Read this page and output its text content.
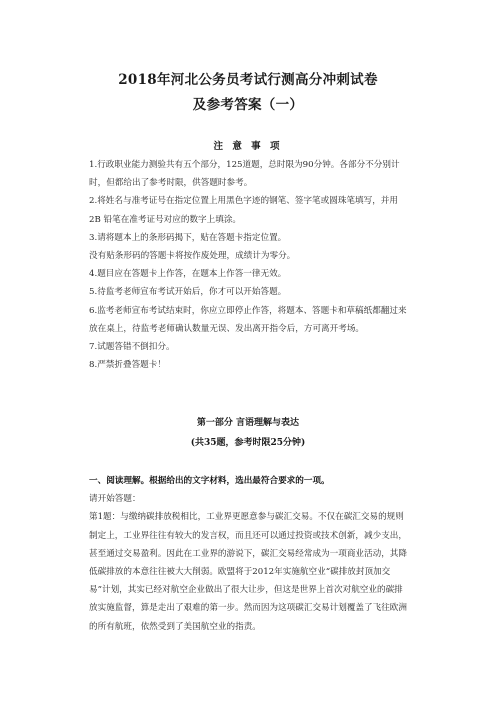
2018年河北公务员考试行测高分冲刺试卷
及参考答案（一）
注 意 事 项

1.行政职业能力测验共有五个部分，125道题，总时限为90分钟。各部分不分别计时，但都给出了参考时限，供答题时参考。

2.将姓名与准考证号在指定位置上用黑色字迹的钢笔、签字笔或圆珠笔填写，并用 2B 铅笔在准考证号对应的数字上填涂。

3.请将题本上的条形码揭下，贴在答题卡指定位置。

没有贴条形码的答题卡将按作废处理，成绩计为零分。

4.题目应在答题卡上作答，在题本上作答一律无效。

5.待监考老师宣布考试开始后，你才可以开始答题。

6.监考老师宣布考试结束时，你应立即停止作答，将题本、答题卡和草稿纸都翻过来放在桌上，待监考老师确认数量无误、发出离开指令后，方可离开考场。

7.试题答错不倒扣分。

8.严禁折叠答题卡！

第一部分 言语理解与表达
(共35题，参考时限25分钟)

一、阅读理解。根据给出的文字材料，选出最符合要求的一项。

请开始答题：

第1题：与缴纳碳排放税相比，工业界更愿意参与碳汇交易。不仅在碳汇交易的规则制定上，工业界往往有较大的发言权，而且还可以通过投资或技术创新，减少支出，甚至通过交易盈利。因此在工业界的游说下，碳汇交易经常成为一项商业活动，其降低碳排放的本意往往被大大削弱。欧盟将于2012年实施航空业“碳排放封顶加交易”计划，其实已经对航空企业做出了很大让步，但这是世界上首次对航空业的碳排放实施监督，算是走出了艰难的第一步。然而因为这项碳汇交易计划覆盖了飞往欧洲的所有航班，依然受到了美国航空业的指责。
